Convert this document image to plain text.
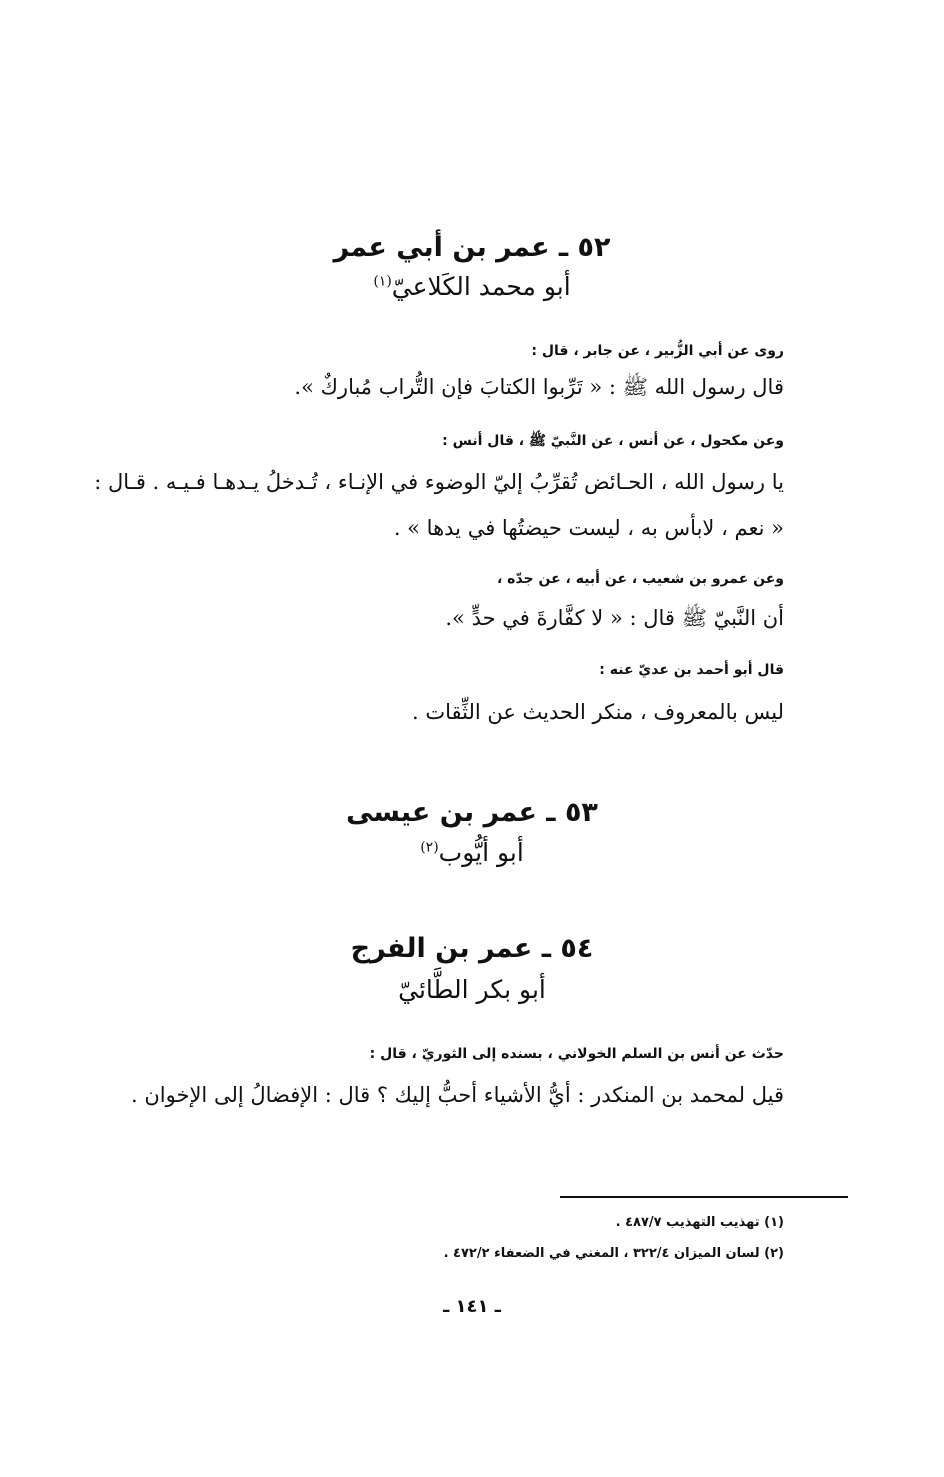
٥٢ ـ عمر بن أبي عمر
أبو محمد الكَلاعيّ$^{(١)}$
روى عن أبي الزُّبير ، عن جابر ، قال :
قال رسول الله ﷺ : « تَرِّبوا الكتابَ فإن التُّراب مُباركٌ ».
وعن مكحول ، عن أنس ، عن النَّبيّ ﷺ ، قال أنس :
يا رسول الله ، الحـائض تُقرِّبُ إليّ الوضوء في الإنـاء ، تُـدخلُ يـدهـا فـيـه . قـال :
« نعم ، لابأس به ، ليست حيضتُها في يدها » .
وعن عمرو بن شعيب ، عن أبيه ، عن جدّه ،
أن النَّبيّ ﷺ قال : « لا كفَّارةَ في حدٍّ ».
قال أبو أحمد بن عديّ عنه :
ليس بالمعروف ، منكر الحديث عن الثِّقات .
٥٣ ـ عمر بن عيسى
أبو أيُّوب$^{(٢)}$
٥٤ ـ عمر بن الفرج
أبو بكر الطَّائيّ
حدّث عن أنس بن السلم الخولاني ، بسنده إلى الثوريّ ، قال :
قيل لمحمد بن المنكدر : أيُّ الأشياء أحبُّ إليك ؟ قال : الإفضالُ إلى الإخوان .
(١) تهذيب التهذيب ٤٨٧/٧ .
(٢) لسان الميزان ٣٢٢/٤ ، المغني في الضعفاء ٤٧٢/٢ .
ـ ١٤١ ـ
